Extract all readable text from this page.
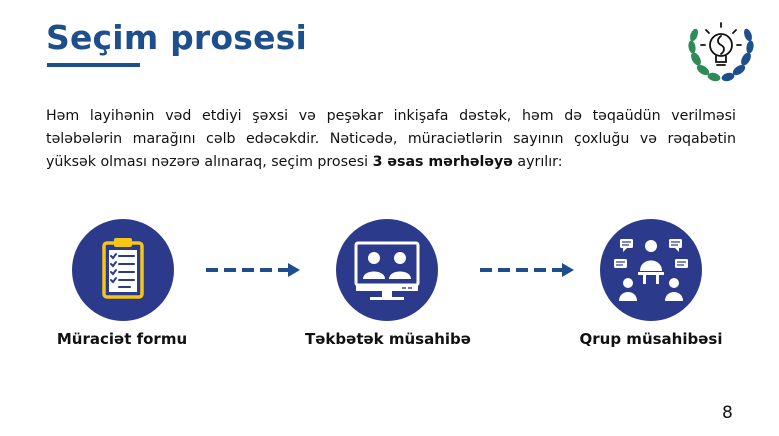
Seçim prosesi
Həm layihənin vəd etdiyi şəxsi və peşəkar inkişafa dəstək, həm də təqaüdün verilməsi tələbələrin marağını cəlb edəcəkdir. Nəticədə, müraciətlərin sayının çoxluğu və rəqabətin yüksək olması nəzərə alınaraq, seçim prosesi 3 əsas mərhələyə ayrılır:
Müraciət formu	Təkbətək müsahibə	Qrup müsahibəsi
8
